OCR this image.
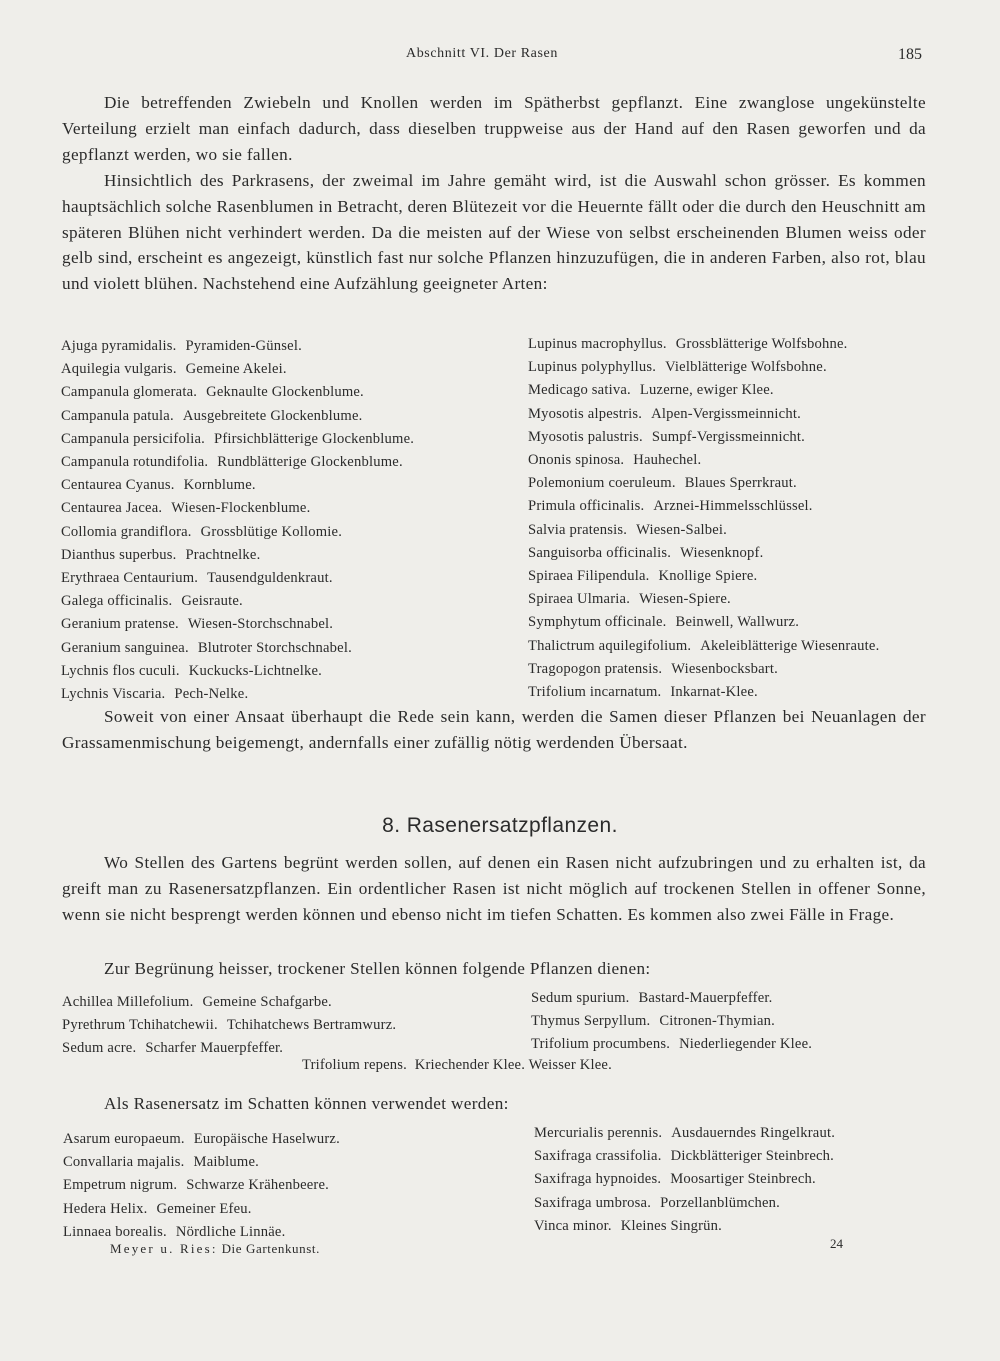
Abschnitt VI. Der Rasen	185

Die betreffenden Zwiebeln und Knollen werden im Spätherbst gepflanzt. Eine zwanglose ungekünstelte Verteilung erzielt man einfach dadurch, dass dieselben truppweise aus der Hand auf den Rasen geworfen und da gepflanzt werden, wo sie fallen.

Hinsichtlich des Parkrasens, der zweimal im Jahre gemäht wird, ist die Auswahl schon grösser. Es kommen hauptsächlich solche Rasenblumen in Betracht, deren Blütezeit vor die Heuernte fällt oder die durch den Heuschnitt am späteren Blühen nicht verhindert werden. Da die meisten auf der Wiese von selbst erscheinenden Blumen weiss oder gelb sind, erscheint es angezeigt, künstlich fast nur solche Pflanzen hinzuzufügen, die in anderen Farben, also rot, blau und violett blühen. Nachstehend eine Aufzählung geeigneter Arten:

Ajuga pyramidalis. Pyramiden-Günsel.
Aquilegia vulgaris. Gemeine Akelei.
Campanula glomerata. Geknaulte Glockenblume.
Campanula patula. Ausgebreitete Glockenblume.
Campanula persicifolia. Pfirsichblätterige Glockenblume.
Campanula rotundifolia. Rundblätterige Glockenblume.
Centaurea Cyanus. Kornblume.
Centaurea Jacea. Wiesen-Flockenblume.
Collomia grandiflora. Grossblütige Kollomie.
Dianthus superbus. Prachtnelke.
Erythraea Centaurium. Tausendguldenkraut.
Galega officinalis. Geisraute.
Geranium pratense. Wiesen-Storchschnabel.
Geranium sanguinea. Blutroter Storchschnabel.
Lychnis flos cuculi. Kuckucks-Lichtnelke.
Lychnis Viscaria. Pech-Nelke.
Lupinus macrophyllus. Grossblätterige Wolfsbohne.
Lupinus polyphyllus. Vielblätterige Wolfsbohne.
Medicago sativa. Luzerne, ewiger Klee.
Myosotis alpestris. Alpen-Vergissmeinnicht.
Myosotis palustris. Sumpf-Vergissmeinnicht.
Ononis spinosa. Hauhechel.
Polemonium coeruleum. Blaues Sperrkraut.
Primula officinalis. Arznei-Himmelsschlüssel.
Salvia pratensis. Wiesen-Salbei.
Sanguisorba officinalis. Wiesenknopf.
Spiraea Filipendula. Knollige Spiere.
Spiraea Ulmaria. Wiesen-Spiere.
Symphytum officinale. Beinwell, Wallwurz.
Thalictrum aquilegifolium. Akeleiblätterige Wiesenraute.
Tragopogon pratensis. Wiesenbocksbart.
Trifolium incarnatum. Inkarnat-Klee.

Soweit von einer Ansaat überhaupt die Rede sein kann, werden die Samen dieser Pflanzen bei Neuanlagen der Grassamenmischung beigemengt, andernfalls einer zufällig nötig werdenden Übersaat.

8. Rasenersatzpflanzen.

Wo Stellen des Gartens begrünt werden sollen, auf denen ein Rasen nicht aufzubringen und zu erhalten ist, da greift man zu Rasenersatzpflanzen. Ein ordentlicher Rasen ist nicht möglich auf trockenen Stellen in offener Sonne, wenn sie nicht besprengt werden können und ebenso nicht im tiefen Schatten. Es kommen also zwei Fälle in Frage.

Zur Begrünung heisser, trockener Stellen können folgende Pflanzen dienen:

Achillea Millefolium. Gemeine Schafgarbe.
Pyrethrum Tchihatchewii. Tchihatchews Bertramwurz.
Sedum acre. Scharfer Mauerpfeffer.
Sedum spurium. Bastard-Mauerpfeffer.
Thymus Serpyllum. Citronen-Thymian.
Trifolium procumbens. Niederliegender Klee.
Trifolium repens. Kriechender Klee. Weisser Klee.

Als Rasenersatz im Schatten können verwendet werden:

Asarum europaeum. Europäische Haselwurz.
Convallaria majalis. Maiblume.
Empetrum nigrum. Schwarze Krähenbeere.
Hedera Helix. Gemeiner Efeu.
Linnaea borealis. Nördliche Linnäe.
Mercurialis perennis. Ausdauerndes Ringelkraut.
Saxifraga crassifolia. Dickblätteriger Steinbrech.
Saxifraga hypnoides. Moosartiger Steinbrech.
Saxifraga umbrosa. Porzellanblümchen.
Vinca minor. Kleines Singrün.
Meyer u. Ries: Die Gartenkunst.	24
